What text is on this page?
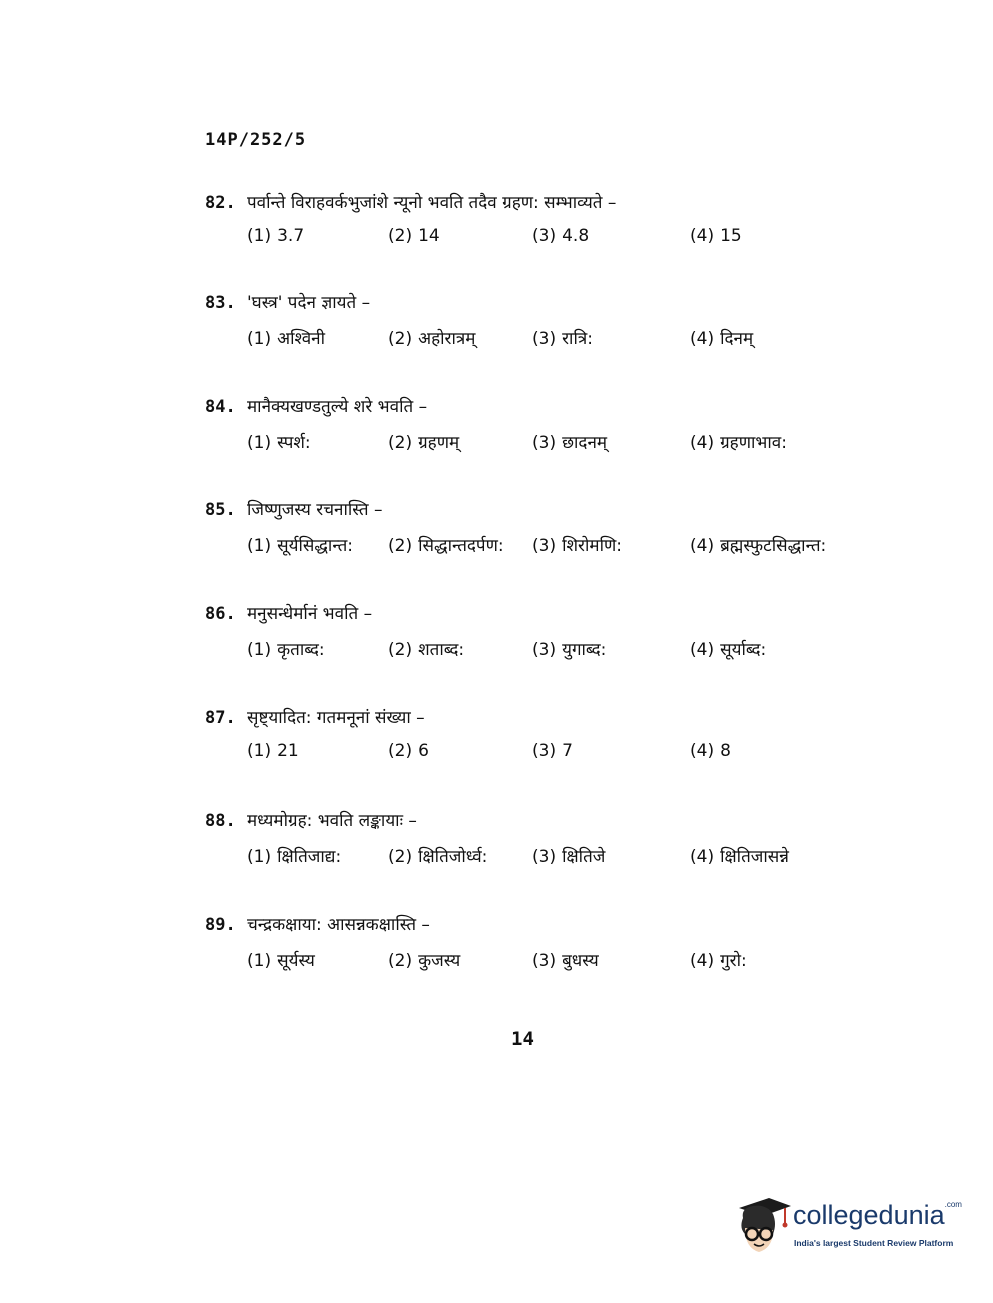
14P/252/5
82. पर्वान्ते विराहवर्कभुजांशे न्यूनो भवति तदैव ग्रहण: सम्भाव्यते –
(1) 3.7	(2) 14	(3) 4.8	(4) 15
83. 'घस्त्र' पदेन ज्ञायते –
(1) अश्विनी	(2) अहोरात्रम्	(3) रात्रि:	(4) दिनम्
84. मानैक्यखण्डतुल्ये शरे भवति –
(1) स्पर्श:	(2) ग्रहणम्	(3) छादनम्	(4) ग्रहणाभाव:
85. जिष्णुजस्य रचनास्ति –
(1) सूर्यसिद्धान्त: (2) सिद्धान्तदर्पण: (3) शिरोमणि:	(4) ब्रह्मस्फुटसिद्धान्त:
86. मनुसन्धेर्मानं भवति –
(1) कृताब्द:	(2) शताब्द:	(3) युगाब्द:	(4) सूर्याब्द:
87. सृष्ट्यादित: गतमनूनां संख्या –
(1) 21	(2) 6	(3) 7	(4) 8
88. मध्यमोग्रह: भवति लङ्कायाः –
(1) क्षितिजाद्य:	(2) क्षितिजोर्ध्व:	(3) क्षितिजे	(4) क्षितिजासन्ने
89. चन्द्रकक्षाया: आसन्नकक्षास्ति –
(1) सूर्यस्य	(2) कुजस्य	(3) बुधस्य	(4) गुरो:
14
collegedunia$^{.com}$
India's largest Student Review Platform
